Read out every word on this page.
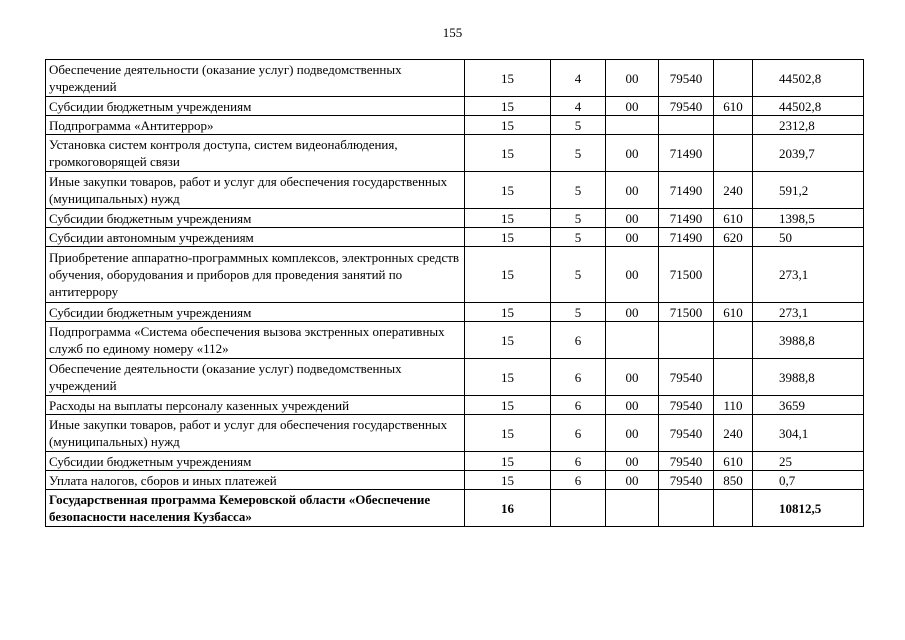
155
Обеспечение деятельности (оказание услуг) подведомственных учреждений	15	4	00	79540		44502,8
Субсидии бюджетным учреждениям	15	4	00	79540	610	44502,8
Подпрограмма «Антитеррор»	15	5				2312,8
Установка систем контроля доступа, систем видеонаблюдения, громкоговорящей связи	15	5	00	71490		2039,7
Иные закупки товаров, работ и услуг для обеспечения государственных (муниципальных) нужд	15	5	00	71490	240	591,2
Субсидии бюджетным учреждениям	15	5	00	71490	610	1398,5
Субсидии автономным учреждениям	15	5	00	71490	620	50
Приобретение аппаратно-программных комплексов, электронных средств обучения, оборудования и приборов для проведения занятий по антитеррору	15	5	00	71500		273,1
Субсидии бюджетным учреждениям	15	5	00	71500	610	273,1
Подпрограмма «Система обеспечения вызова экстренных оперативных служб по единому номеру «112»	15	6				3988,8
Обеспечение деятельности (оказание услуг) подведомственных учреждений	15	6	00	79540		3988,8
Расходы на выплаты персоналу казенных учреждений	15	6	00	79540	110	3659
Иные закупки товаров, работ и услуг для обеспечения государственных (муниципальных) нужд	15	6	00	79540	240	304,1
Субсидии бюджетным учреждениям	15	6	00	79540	610	25
Уплата налогов, сборов и иных платежей	15	6	00	79540	850	0,7
Государственная программа Кемеровской области «Обеспечение безопасности населения Кузбасса»	16					10812,5
